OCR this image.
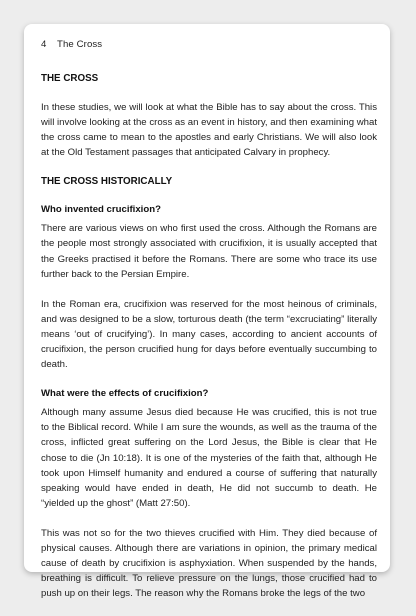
4 The Cross
THE CROSS

In these studies, we will look at what the Bible has to say about the cross. This will involve looking at the cross as an event in history, and then examining what the cross came to mean to the apostles and early Christians. We will also look at the Old Testament passages that anticipated Calvary in prophecy.

THE CROSS HISTORICALLY
Who invented crucifixion?

There are various views on who first used the cross. Although the Romans are the people most strongly associated with crucifixion, it is usually accepted that the Greeks practised it before the Romans. There are some who trace its use further back to the Persian Empire.

In the Roman era, crucifixion was reserved for the most heinous of criminals, and was designed to be a slow, torturous death (the term “excruciating” literally means ‘out of crucifying’). In many cases, according to ancient accounts of crucifixion, the person crucified hung for days before eventually succumbing to death.

What were the effects of crucifixion?

Although many assume Jesus died because He was crucified, this is not true to the Biblical record. While I am sure the wounds, as well as the trauma of the cross, inflicted great suffering on the Lord Jesus, the Bible is clear that He chose to die (Jn 10:18). It is one of the mysteries of the faith that, although He took upon Himself humanity and endured a course of suffering that naturally speaking would have ended in death, He did not succumb to death. He “yielded up the ghost” (Matt 27:50).

This was not so for the two thieves crucified with Him. They died because of physical causes. Although there are variations in opinion, the primary medical cause of death by crucifixion is asphyxiation. When suspended by the hands, breathing is difficult. To relieve pressure on the lungs, those crucified had to push up on their legs. The reason why the Romans broke the legs of the two
